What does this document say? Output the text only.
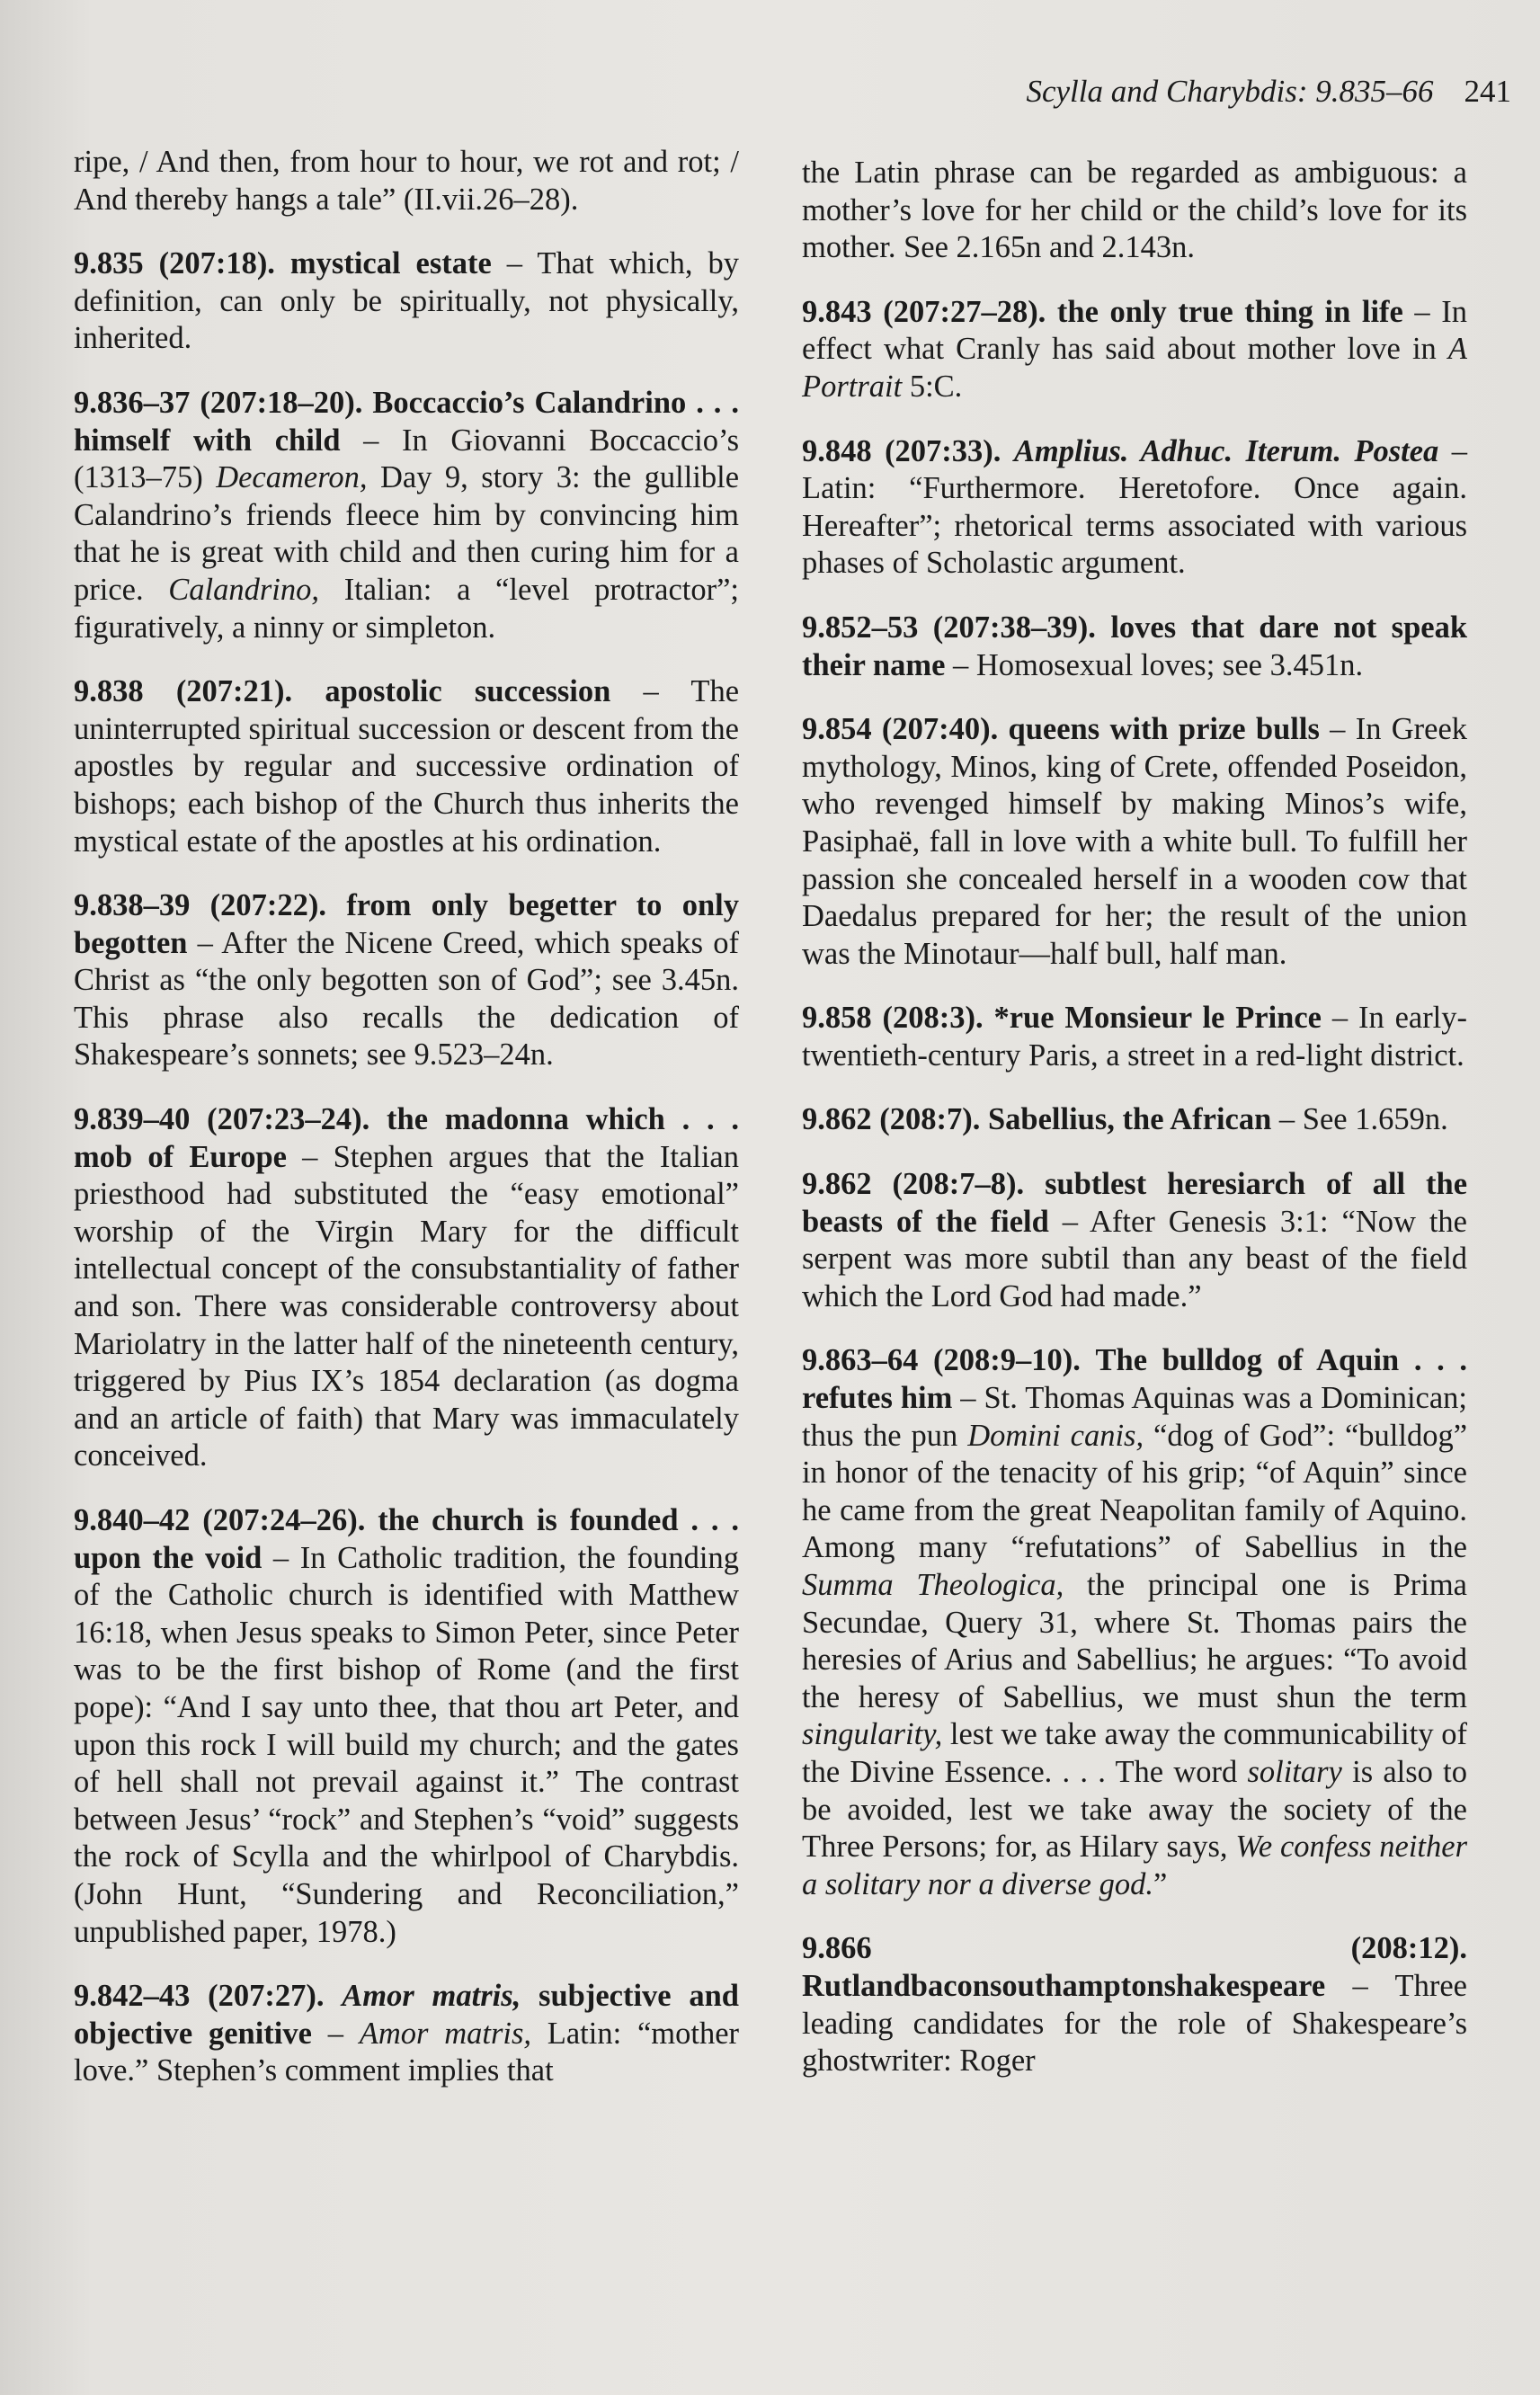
Scylla and Charybdis: 9.835–66 241

ripe, / And then, from hour to hour, we rot and rot; / And thereby hangs a tale” (II.vii.26–28).

9.835 (207:18). mystical estate – That which, by definition, can only be spiritually, not physically, inherited.

9.836–37 (207:18–20). Boccaccio’s Calandrino . . . himself with child – In Giovanni Boccaccio’s (1313–75) Decameron, Day 9, story 3: the gullible Calandrino’s friends fleece him by convincing him that he is great with child and then curing him for a price. Calandrino, Italian: a “level protractor”; figuratively, a ninny or simpleton.

9.838 (207:21). apostolic succession – The uninterrupted spiritual succession or descent from the apostles by regular and successive ordination of bishops; each bishop of the Church thus inherits the mystical estate of the apostles at his ordination.

9.838–39 (207:22). from only begetter to only begotten – After the Nicene Creed, which speaks of Christ as “the only begotten son of God”; see 3.45n. This phrase also recalls the dedication of Shakespeare’s sonnets; see 9.523–24n.

9.839–40 (207:23–24). the madonna which . . . mob of Europe – Stephen argues that the Italian priesthood had substituted the “easy emotional” worship of the Virgin Mary for the difficult intellectual concept of the consubstantiality of father and son. There was considerable controversy about Mariolatry in the latter half of the nineteenth century, triggered by Pius IX’s 1854 declaration (as dogma and an article of faith) that Mary was immaculately conceived.

9.840–42 (207:24–26). the church is founded . . . upon the void – In Catholic tradition, the founding of the Catholic church is identified with Matthew 16:18, when Jesus speaks to Simon Peter, since Peter was to be the first bishop of Rome (and the first pope): “And I say unto thee, that thou art Peter, and upon this rock I will build my church; and the gates of hell shall not prevail against it.” The contrast between Jesus’ “rock” and Stephen’s “void” suggests the rock of Scylla and the whirlpool of Charybdis. (John Hunt, “Sundering and Reconciliation,” unpublished paper, 1978.)

9.842–43 (207:27). Amor matris, subjective and objective genitive – Amor matris, Latin: “mother love.” Stephen’s comment implies that

the Latin phrase can be regarded as ambiguous: a mother’s love for her child or the child’s love for its mother. See 2.165n and 2.143n.

9.843 (207:27–28). the only true thing in life – In effect what Cranly has said about mother love in A Portrait 5:C.

9.848 (207:33). Amplius. Adhuc. Iterum. Postea – Latin: “Furthermore. Heretofore. Once again. Hereafter”; rhetorical terms associated with various phases of Scholastic argument.

9.852–53 (207:38–39). loves that dare not speak their name – Homosexual loves; see 3.451n.

9.854 (207:40). queens with prize bulls – In Greek mythology, Minos, king of Crete, offended Poseidon, who revenged himself by making Minos’s wife, Pasiphaë, fall in love with a white bull. To fulfill her passion she concealed herself in a wooden cow that Daedalus prepared for her; the result of the union was the Minotaur—half bull, half man.

9.858 (208:3). *rue Monsieur le Prince – In early-twentieth-century Paris, a street in a red-light district.

9.862 (208:7). Sabellius, the African – See 1.659n.

9.862 (208:7–8). subtlest heresiarch of all the beasts of the field – After Genesis 3:1: “Now the serpent was more subtil than any beast of the field which the Lord God had made.”

9.863–64 (208:9–10). The bulldog of Aquin . . . refutes him – St. Thomas Aquinas was a Dominican; thus the pun Domini canis, “dog of God”: “bulldog” in honor of the tenacity of his grip; “of Aquin” since he came from the great Neapolitan family of Aquino. Among many “refutations” of Sabellius in the Summa Theologica, the principal one is Prima Secundae, Query 31, where St. Thomas pairs the heresies of Arius and Sabellius; he argues: “To avoid the heresy of Sabellius, we must shun the term singularity, lest we take away the communicability of the Divine Essence. . . . The word solitary is also to be avoided, lest we take away the society of the Three Persons; for, as Hilary says, We confess neither a solitary nor a diverse god.”

9.866 (208:12). Rutlandbaconsouthamptonshakespeare – Three leading candidates for the role of Shakespeare’s ghostwriter: Roger
